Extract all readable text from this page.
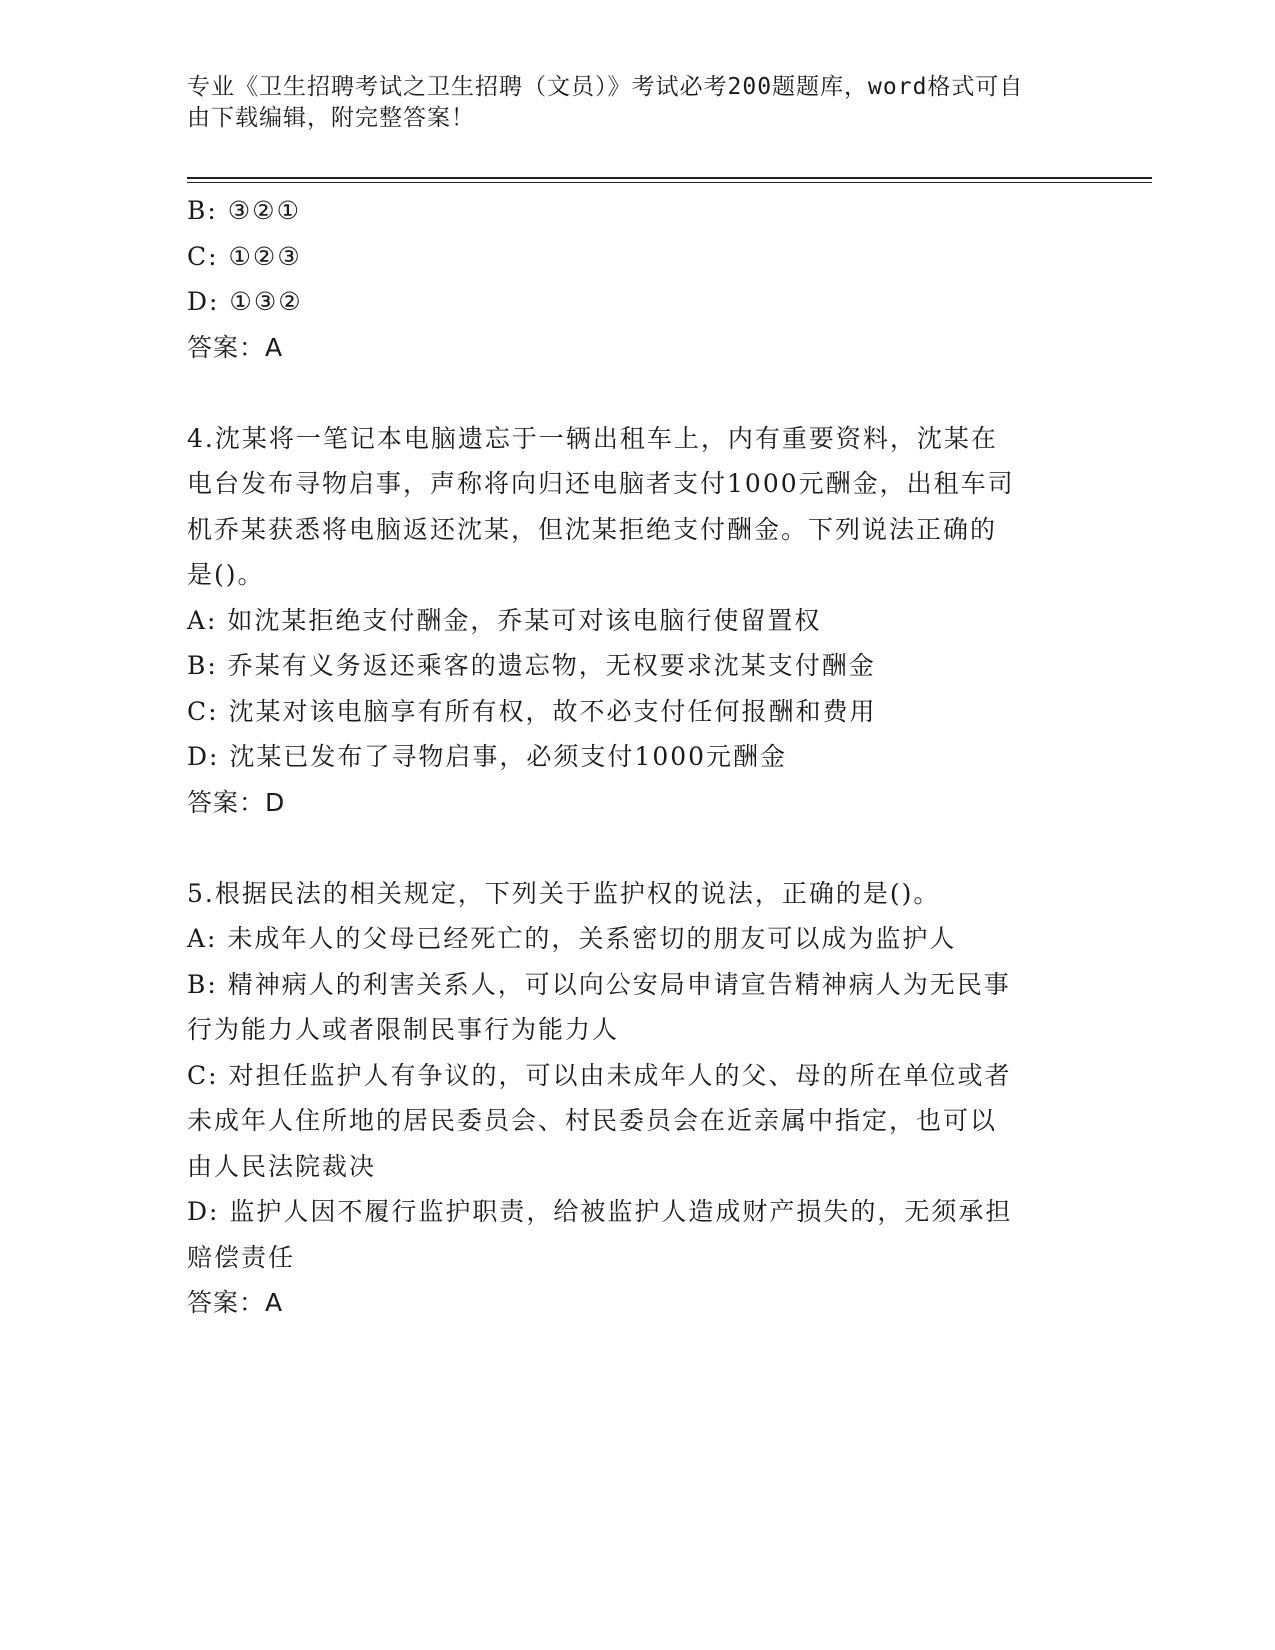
专业《卫生招聘考试之卫生招聘（文员）》考试必考200题题库，word格式可自
由下载编辑，附完整答案！
B: ③②①
C: ①②③
D: ①③②
答案：A
4.沈某将一笔记本电脑遗忘于一辆出租车上，内有重要资料，沈某在
电台发布寻物启事，声称将向归还电脑者支付1000元酬金，出租车司
机乔某获悉将电脑返还沈某，但沈某拒绝支付酬金。下列说法正确的
是()。
A: 如沈某拒绝支付酬金，乔某可对该电脑行使留置权
B: 乔某有义务返还乘客的遗忘物，无权要求沈某支付酬金
C: 沈某对该电脑享有所有权，故不必支付任何报酬和费用
D: 沈某已发布了寻物启事，必须支付1000元酬金
答案：D
5.根据民法的相关规定，下列关于监护权的说法，正确的是()。
A: 未成年人的父母已经死亡的，关系密切的朋友可以成为监护人
B: 精神病人的利害关系人，可以向公安局申请宣告精神病人为无民事
行为能力人或者限制民事行为能力人
C: 对担任监护人有争议的，可以由未成年人的父、母的所在单位或者
未成年人住所地的居民委员会、村民委员会在近亲属中指定，也可以
由人民法院裁决
D: 监护人因不履行监护职责，给被监护人造成财产损失的，无须承担
赔偿责任
答案：A
